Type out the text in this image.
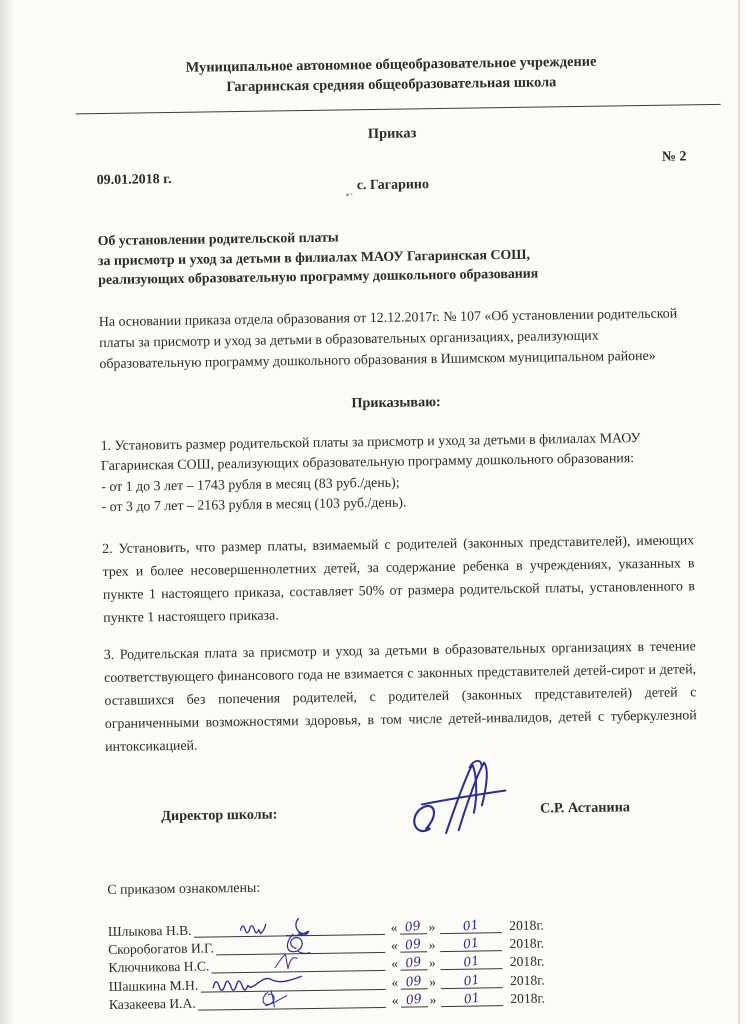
Муниципальное автономное общеобразовательное учреждение
Гагаринская средняя общеобразовательная школа
Приказ
№ 2
09.01.2018 г.	с. Гагарино
Об установлении родительской платы
за присмотр и уход за детьми в филиалах МАОУ Гагаринская СОШ,
реализующих образовательную программу дошкольного образования
На основании приказа отдела образования от 12.12.2017г. № 107 «Об установлении родительской платы за присмотр и уход за детьми в образовательных организациях, реализующих образовательную программу дошкольного образования в Ишимском муниципальном районе»
Приказываю:
1. Установить размер родительской платы за присмотр и уход за детьми в филиалах МАОУ Гагаринская СОШ, реализующих образовательную программу дошкольного образования:
- от 1 до 3 лет – 1743 рубля в месяц (83 руб./день);
- от 3 до 7 лет – 2163 рубля в месяц (103 руб./день).
2. Установить, что размер платы, взимаемый с родителей (законных представителей), имеющих трех и более несовершеннолетних детей, за содержание ребенка в учреждениях, указанных в пункте 1 настоящего приказа, составляет 50% от размера родительской платы, установленного в пункте 1 настоящего приказа.
3. Родительская плата за присмотр и уход за детьми в образовательных организациях в течение соответствующего финансового года не взимается с законных представителей детей-сирот и детей, оставшихся без попечения родителей, с родителей (законных представителей) детей с ограниченными возможностями здоровья, в том числе детей-инвалидов, детей с туберкулезной интоксикацией.
Директор школы:	С.Р. Астанина
С приказом ознакомлены:
Шлыкова Н.В.	« 09 »	01	2018г.
Скоробогатов И.Г.	« 09 »	01	2018г.
Ключникова Н.С.	« 09 »	01	2018г.
Шашкина М.Н.	« 09 »	01	2018г.
Казакеева И.А.	« 09 »	01	2018г.
